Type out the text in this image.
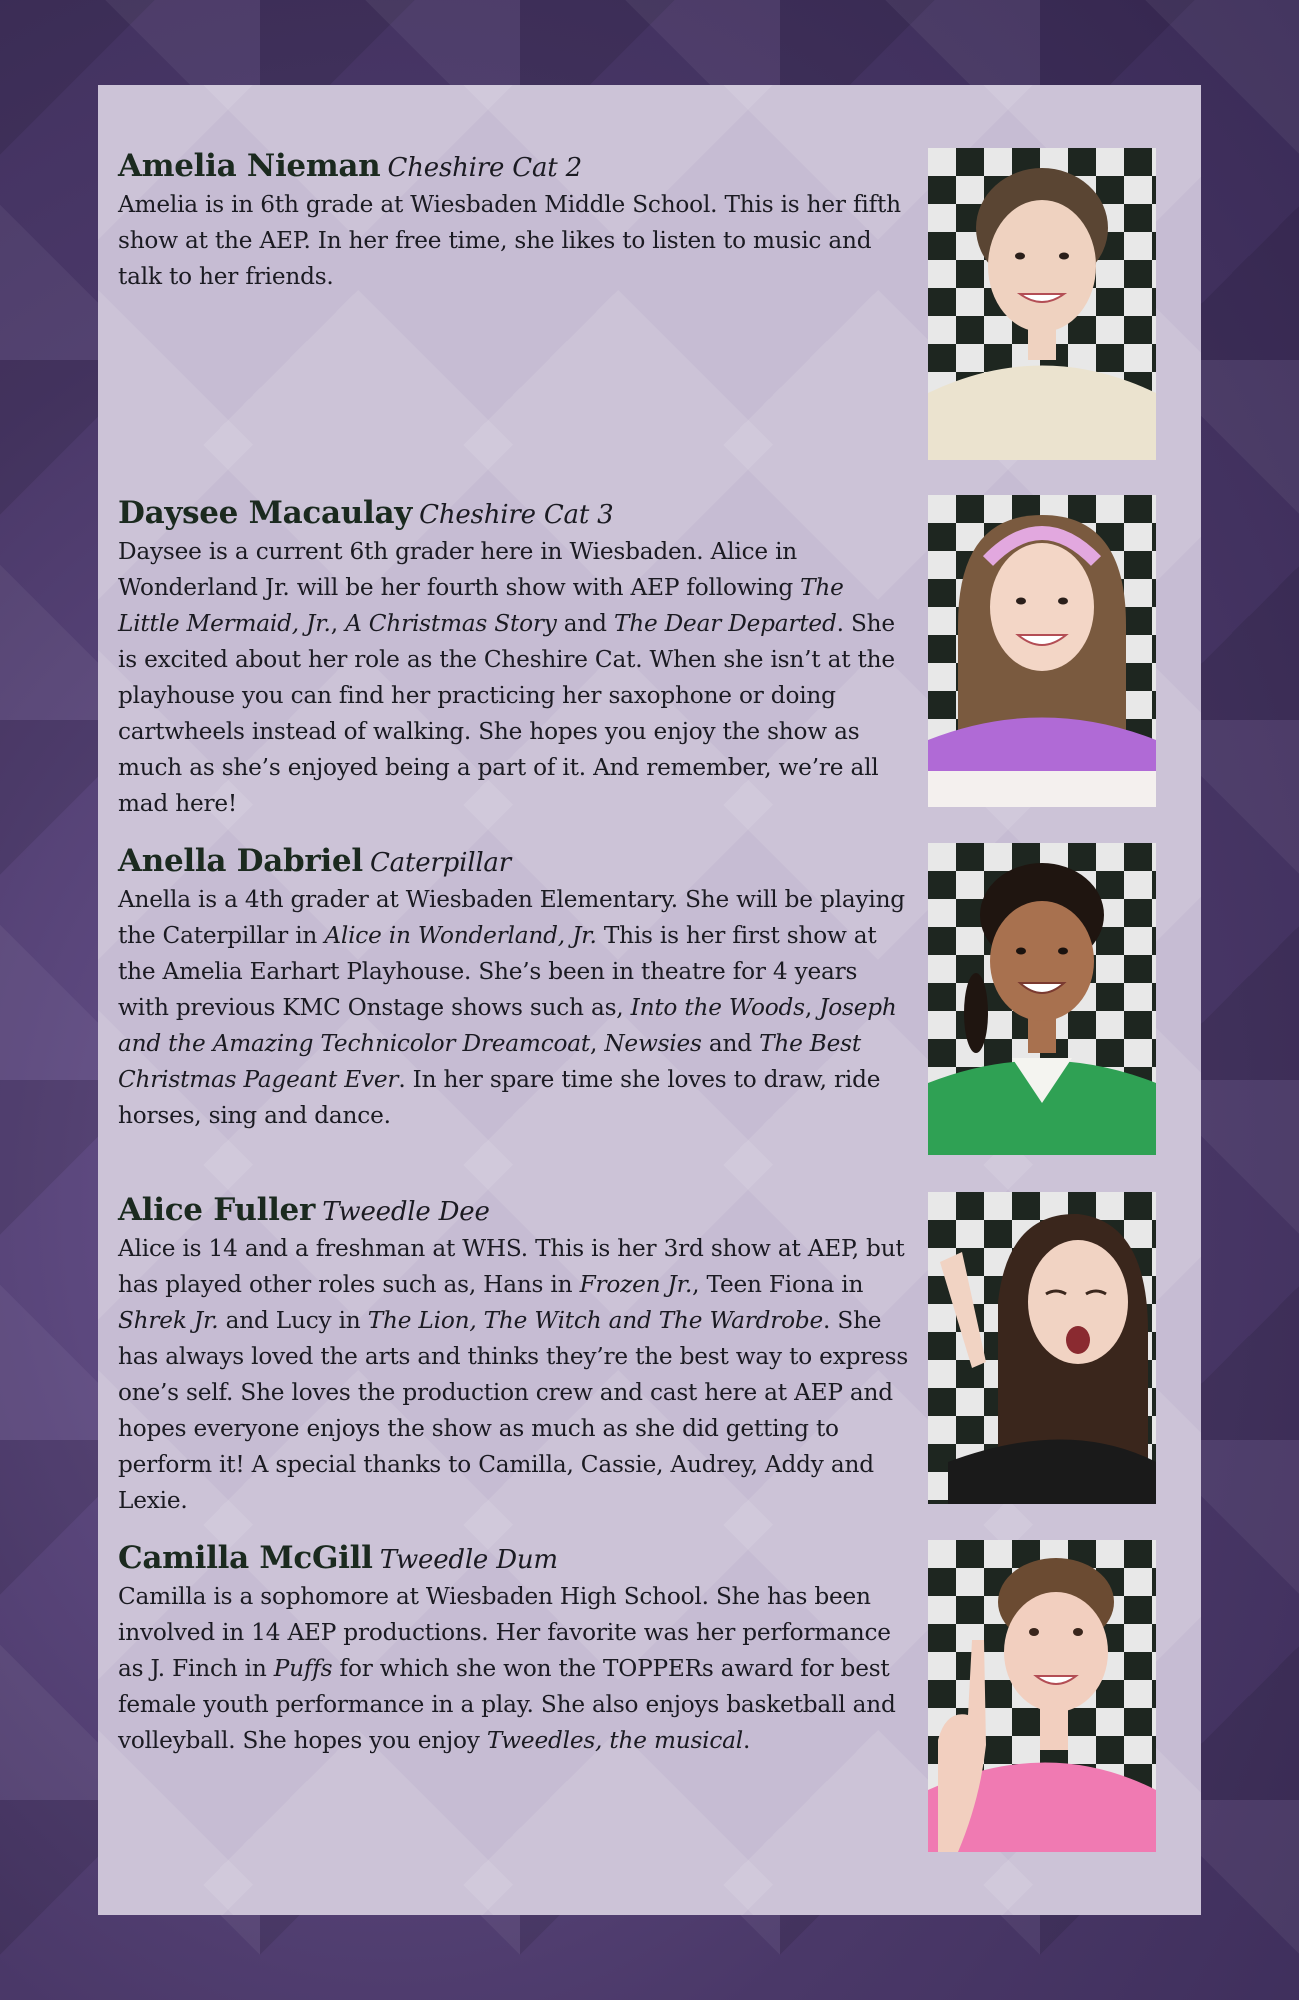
Amelia Nieman Cheshire Cat 2

Amelia is in 6th grade at Wiesbaden Middle School. This is her fifth show at the AEP. In her free time, she likes to listen to music and talk to her friends.

Daysee Macaulay Cheshire Cat 3

Daysee is a current 6th grader here in Wiesbaden. Alice in Wonderland Jr. will be her fourth show with AEP following The Little Mermaid, Jr., A Christmas Story and The Dear Departed. She is excited about her role as the Cheshire Cat. When she isn’t at the playhouse you can find her practicing her saxophone or doing cartwheels instead of walking. She hopes you enjoy the show as much as she’s enjoyed being a part of it. And remember, we’re all mad here!

Anella Dabriel Caterpillar

Anella is a 4th grader at Wiesbaden Elementary. She will be playing the Caterpillar in Alice in Wonderland, Jr. This is her first show at the Amelia Earhart Playhouse. She’s been in theatre for 4 years with previous KMC Onstage shows such as, Into the Woods, Joseph and the Amazing Technicolor Dreamcoat, Newsies and The Best Christmas Pageant Ever. In her spare time she loves to draw, ride horses, sing and dance.

Alice Fuller Tweedle Dee

Alice is 14 and a freshman at WHS. This is her 3rd show at AEP, but has played other roles such as, Hans in Frozen Jr., Teen Fiona in Shrek Jr. and Lucy in The Lion, The Witch and The Wardrobe. She has always loved the arts and thinks they’re the best way to express one’s self. She loves the production crew and cast here at AEP and hopes everyone enjoys the show as much as she did getting to perform it! A special thanks to Camilla, Cassie, Audrey, Addy and Lexie.

Camilla McGill Tweedle Dum

Camilla is a sophomore at Wiesbaden High School. She has been involved in 14 AEP productions. Her favorite was her performance as J. Finch in Puffs for which she won the TOPPERs award for best female youth performance in a play. She also enjoys basketball and volleyball. She hopes you enjoy Tweedles, the musical.
